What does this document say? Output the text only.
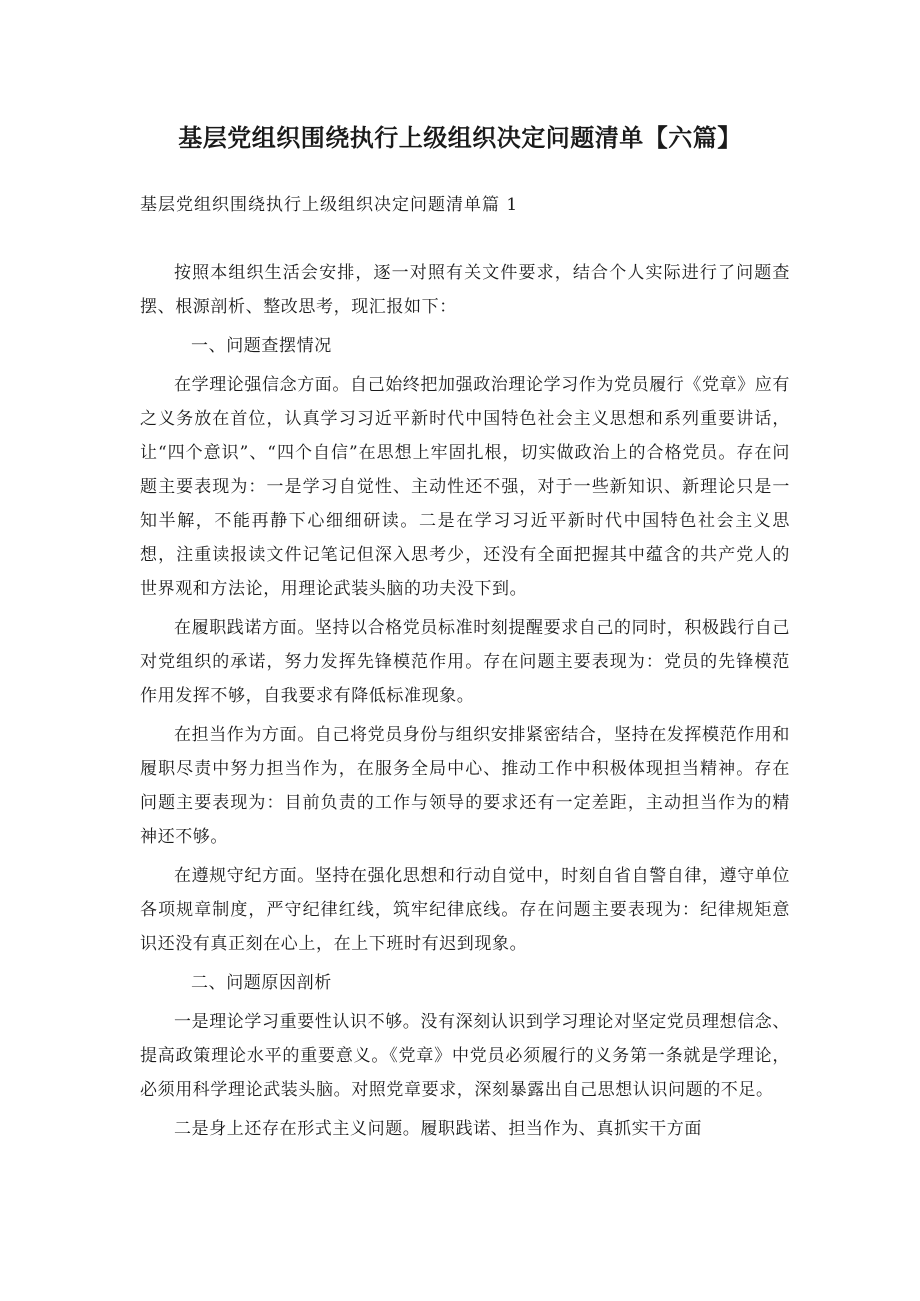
基层党组织围绕执行上级组织决定问题清单【六篇】

基层党组织围绕执行上级组织决定问题清单篇 1

按照本组织生活会安排，逐一对照有关文件要求，结合个人实际进行了问题查摆、根源剖析、整改思考，现汇报如下：

一、问题查摆情况

在学理论强信念方面。自己始终把加强政治理论学习作为党员履行《党章》应有之义务放在首位，认真学习习近平新时代中国特色社会主义思想和系列重要讲话，让“四个意识”、“四个自信”在思想上牢固扎根，切实做政治上的合格党员。存在问题主要表现为：一是学习自觉性、主动性还不强，对于一些新知识、新理论只是一知半解，不能再静下心细细研读。二是在学习习近平新时代中国特色社会主义思想，注重读报读文件记笔记但深入思考少，还没有全面把握其中蕴含的共产党人的世界观和方法论，用理论武装头脑的功夫没下到。

在履职践诺方面。坚持以合格党员标准时刻提醒要求自己的同时，积极践行自己对党组织的承诺，努力发挥先锋模范作用。存在问题主要表现为：党员的先锋模范作用发挥不够，自我要求有降低标准现象。

在担当作为方面。自己将党员身份与组织安排紧密结合，坚持在发挥模范作用和履职尽责中努力担当作为，在服务全局中心、推动工作中积极体现担当精神。存在问题主要表现为：目前负责的工作与领导的要求还有一定差距，主动担当作为的精神还不够。

在遵规守纪方面。坚持在强化思想和行动自觉中，时刻自省自警自律，遵守单位各项规章制度，严守纪律红线，筑牢纪律底线。存在问题主要表现为：纪律规矩意识还没有真正刻在心上，在上下班时有迟到现象。

二、问题原因剖析

一是理论学习重要性认识不够。没有深刻认识到学习理论对坚定党员理想信念、提高政策理论水平的重要意义。《党章》中党员必须履行的义务第一条就是学理论，必须用科学理论武装头脑。对照党章要求，深刻暴露出自己思想认识问题的不足。

二是身上还存在形式主义问题。履职践诺、担当作为、真抓实干方面
